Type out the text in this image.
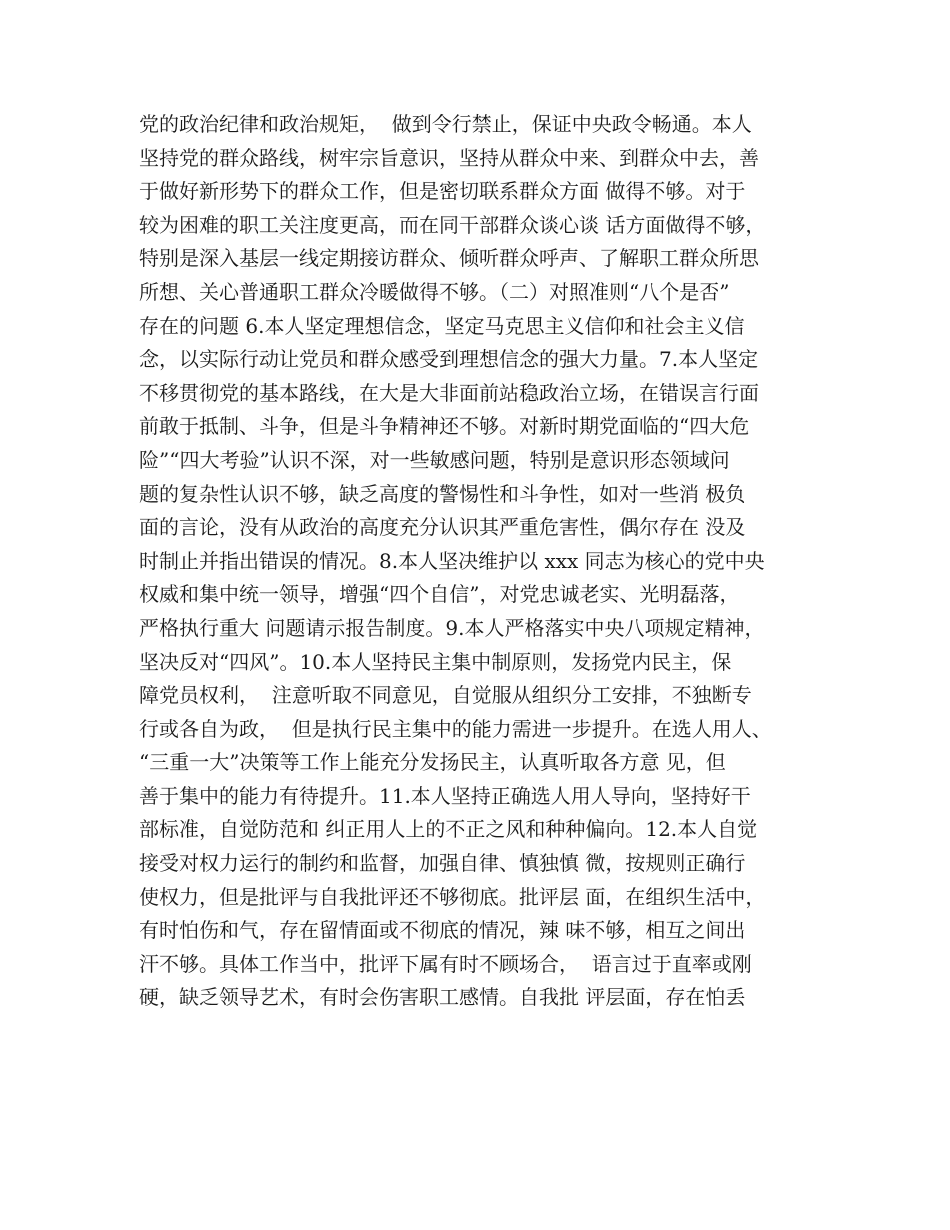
党的政治纪律和政治规矩，  做到令行禁止，保证中央政令畅通。本人
坚持党的群众路线，树牢宗旨意识，坚持从群众中来、到群众中去，善
于做好新形势下的群众工作，但是密切联系群众方面 做得不够。对于
较为困难的职工关注度更高，而在同干部群众谈心谈 话方面做得不够，
特别是深入基层一线定期接访群众、倾听群众呼声、了解职工群众所思
所想、关心普通职工群众冷暖做得不够。（二）对照准则“八个是否”
存在的问题 6.本人坚定理想信念，坚定马克思主义信仰和社会主义信
念，以实际行动让党员和群众感受到理想信念的强大力量。7.本人坚定
不移贯彻党的基本路线，在大是大非面前站稳政治立场，在错误言行面
前敢于抵制、斗争，但是斗争精神还不够。对新时期党面临的“四大危
险”“四大考验”认识不深，对一些敏感问题，特别是意识形态领域问
题的复杂性认识不够，缺乏高度的警惕性和斗争性，如对一些消 极负
面的言论，没有从政治的高度充分认识其严重危害性，偶尔存在 没及
时制止并指出错误的情况。8.本人坚决维护以 xxx 同志为核心的党中央
权威和集中统一领导，增强“四个自信”，对党忠诚老实、光明磊落，
严格执行重大 问题请示报告制度。9.本人严格落实中央八项规定精神，
坚决反对“四风”。10.本人坚持民主集中制原则，发扬党内民主，保
障党员权利，  注意听取不同意见，自觉服从组织分工安排，不独断专
行或各自为政，  但是执行民主集中的能力需进一步提升。在选人用人、
“三重一大”决策等工作上能充分发扬民主，认真听取各方意 见，但
善于集中的能力有待提升。11.本人坚持正确选人用人导向，坚持好干
部标准，自觉防范和 纠正用人上的不正之风和种种偏向。12.本人自觉
接受对权力运行的制约和监督，加强自律、慎独慎 微，按规则正确行
使权力，但是批评与自我批评还不够彻底。批评层 面，在组织生活中，
有时怕伤和气，存在留情面或不彻底的情况，辣 味不够，相互之间出
汗不够。具体工作当中，批评下属有时不顾场合，  语言过于直率或刚
硬，缺乏领导艺术，有时会伤害职工感情。自我批 评层面，存在怕丢
